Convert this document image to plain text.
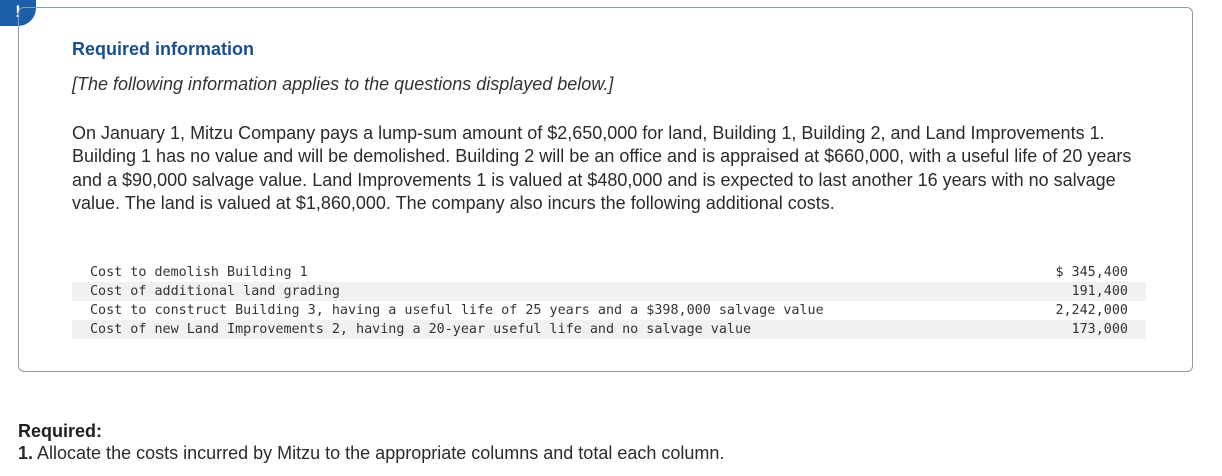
!
Required information
[The following information applies to the questions displayed below.]
On January 1, Mitzu Company pays a lump-sum amount of $2,650,000 for land, Building 1, Building 2, and Land Improvements 1. Building 1 has no value and will be demolished. Building 2 will be an office and is appraised at $660,000, with a useful life of 20 years and a $90,000 salvage value. Land Improvements 1 is valued at $480,000 and is expected to last another 16 years with no salvage value. The land is valued at $1,860,000. The company also incurs the following additional costs.
Cost to demolish Building 1	$ 345,400
Cost of additional land grading	191,400
Cost to construct Building 3, having a useful life of 25 years and a $398,000 salvage value	2,242,000
Cost of new Land Improvements 2, having a 20-year useful life and no salvage value	173,000
Required:
1. Allocate the costs incurred by Mitzu to the appropriate columns and total each column.
